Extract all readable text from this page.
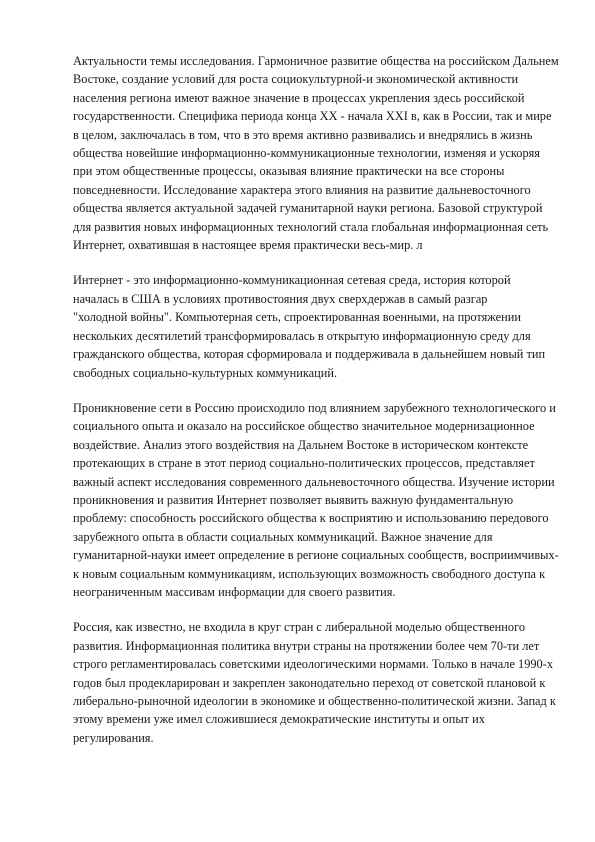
Актуальности темы исследования. Гармоничное развитие общества на российском Дальнем
Востоке, создание условий для роста социокультурной-и экономической активности
населения региона имеют важное значение в процессах укрепления здесь российской
государственности. Специфика периода конца XX - начала XXI в, как в России, так и мире
в целом, заключалась в том, что в это время активно развивались и внедрялись в жизнь
общества новейшие информационно-коммуникационные технологии, изменяя и ускоряя
при этом общественные процессы, оказывая влияние практически на все стороны
повседневности. Исследование характера этого влияния на развитие дальневосточного
общества является актуальной задачей гуманитарной науки региона. Базовой структурой
для развития новых информационных технологий стала глобальная информационная сеть
Интернет, охватившая в настоящее время практически весь-мир. л

Интернет - это информационно-коммуникационная сетевая среда, история которой
началась в США в условиях противостояния двух сверхдержав в самый разгар
"холодной войны". Компьютерная сеть, спроектированная военными, на протяжении
нескольких десятилетий трансформировалась в открытую информационную среду для
гражданского общества, которая сформировала и поддерживала в дальнейшем новый тип
свободных социально-культурных коммуникаций.

Проникновение сети в Россию происходило под влиянием зарубежного технологического и
социального опыта и оказало на российское общество значительное модернизационное
воздействие. Анализ этого воздействия на Дальнем Востоке в историческом контексте
протекающих в стране в этот период социально-политических процессов, представляет
важный аспект исследования современного дальневосточного общества. Изучение истории
проникновения и развития Интернет позволяет выявить важную фундаментальную
проблему: способность российского общества к восприятию и использованию передового
зарубежного опыта в области социальных коммуникаций. Важное значение для
гуманитарной-науки имеет определение в регионе социальных сообществ, восприимчивых-
к новым социальным коммуникациям, использующих возможность свободного доступа к
неограниченным массивам информации для своего развития.

Россия, как известно, не входила в круг стран с либеральной моделью общественного
развития. Информационная политика внутри страны на протяжении более чем 70-ти лет
строго регламентировалась советскими идеологическими нормами. Только в начале 1990-х
годов был продекларирован и закреплен законодательно переход от советской плановой к
либерально-рыночной идеологии в экономике и общественно-политической жизни. Запад к
этому времени уже имел сложившиеся демократические институты и опыт их
регулирования.
